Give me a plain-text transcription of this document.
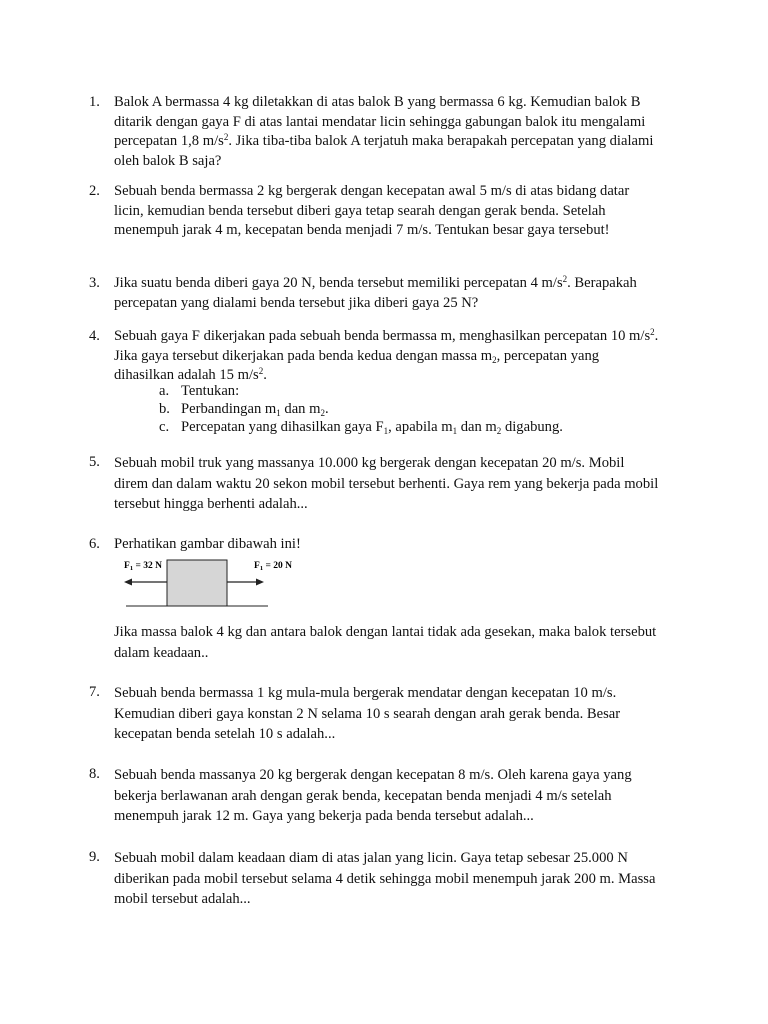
1. Balok A bermassa 4 kg diletakkan di atas balok B yang bermassa 6 kg. Kemudian balok B
ditarik dengan gaya F di atas lantai mendatar licin sehingga gabungan balok itu mengalami
percepatan 1,8 $m/s^2$. Jika tiba-tiba balok A terjatuh maka berapakah percepatan yang dialami
oleh balok B saja?
2. Sebuah benda bermassa 2 kg bergerak dengan kecepatan awal 5 m/s di atas bidang datar
licin, kemudian benda tersebut diberi gaya tetap searah dengan gerak benda. Setelah
menempuh jarak 4 m, kecepatan benda menjadi 7 m/s. Tentukan besar gaya tersebut!
3. Jika suatu benda diberi gaya 20 N, benda tersebut memiliki percepatan 4 $m/s^2$. Berapakah
percepatan yang dialami benda tersebut jika diberi gaya 25 N?
4. Sebuah gaya F dikerjakan pada sebuah benda bermassa m, menghasilkan percepatan 10 $m/s^2$.
Jika gaya tersebut dikerjakan pada benda kedua dengan massa $m_2$, percepatan yang
dihasilkan adalah 15 $m/s^2$.
a. Tentukan:
b. Perbandingan $m_1$ dan $m_2$.
c. Percepatan yang dihasilkan gaya $F_1$, apabila $m_1$ dan $m_2$ digabung.
5. Sebuah mobil truk yang massanya 10.000 kg bergerak dengan kecepatan 20 m/s. Mobil
direm dan dalam waktu 20 sekon mobil tersebut berhenti. Gaya rem yang bekerja pada mobil
tersebut hingga berhenti adalah...
6. Perhatikan gambar dibawah ini!
$F_1 = 32$ N	$F_1 = 20$ N
Jika massa balok 4 kg dan antara balok dengan lantai tidak ada gesekan, maka balok tersebut
dalam keadaan..
7. Sebuah benda bermassa 1 kg mula-mula bergerak mendatar dengan kecepatan 10 m/s.
Kemudian diberi gaya konstan 2 N selama 10 s searah dengan arah gerak benda. Besar
kecepatan benda setelah 10 s adalah...
8. Sebuah benda massanya 20 kg bergerak dengan kecepatan 8 m/s. Oleh karena gaya yang
bekerja berlawanan arah dengan gerak benda, kecepatan benda menjadi 4 m/s setelah
menempuh jarak 12 m. Gaya yang bekerja pada benda tersebut adalah...
9. Sebuah mobil dalam keadaan diam di atas jalan yang licin. Gaya tetap sebesar 25.000 N
diberikan pada mobil tersebut selama 4 detik sehingga mobil menempuh jarak 200 m. Massa
mobil tersebut adalah...
